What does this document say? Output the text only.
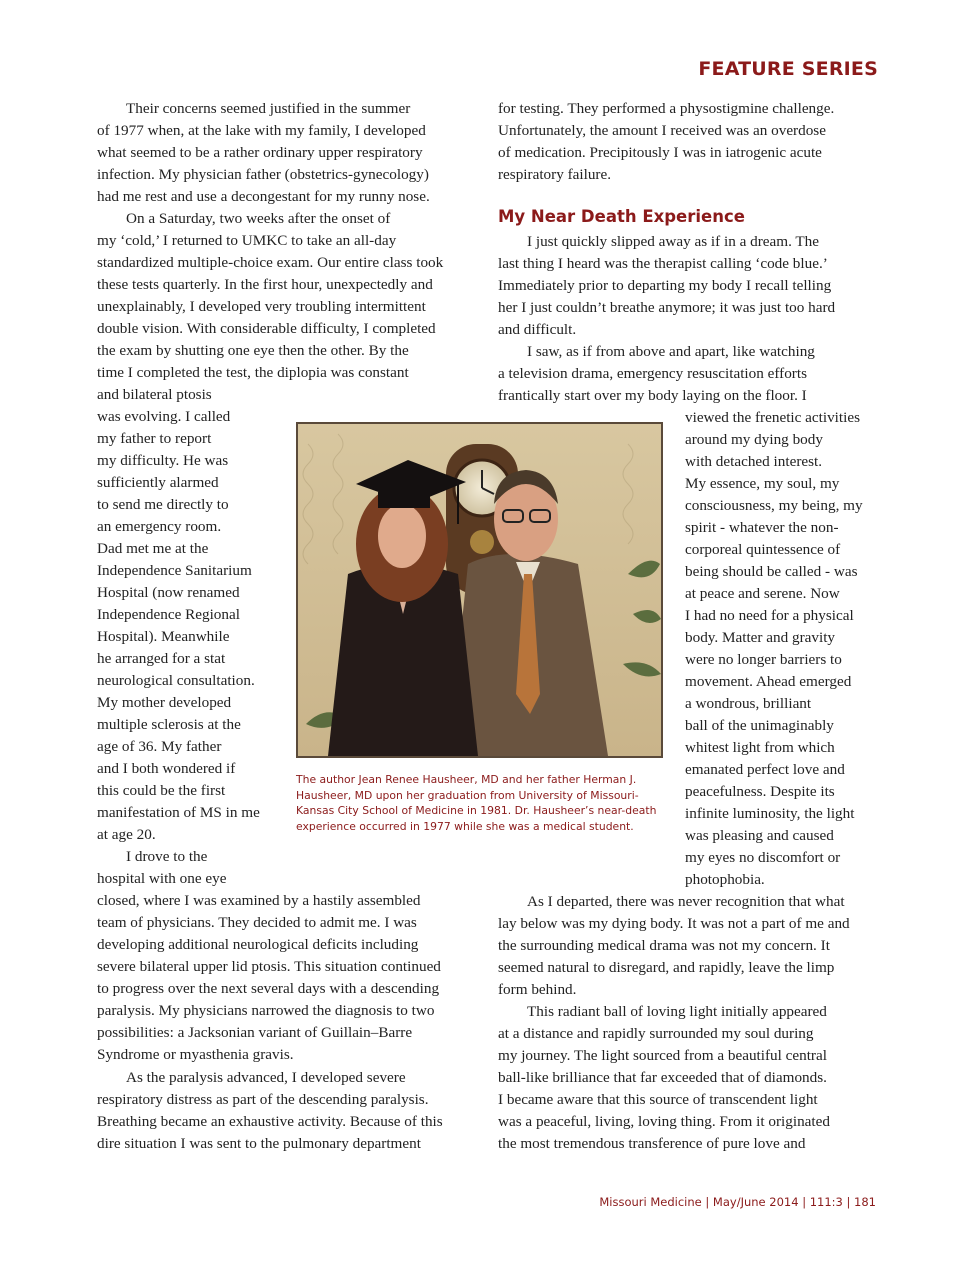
FEATURE SERIES
Their concerns seemed justified in the summer
of 1977 when, at the lake with my family, I developed
what seemed to be a rather ordinary upper respiratory
infection. My physician father (obstetrics-gynecology)
had me rest and use a decongestant for my runny nose.
On a Saturday, two weeks after the onset of
my ‘cold,’ I returned to UMKC to take an all-day
standardized multiple-choice exam. Our entire class took
these tests quarterly. In the first hour, unexpectedly and
unexplainably, I developed very troubling intermittent
double vision. With considerable difficulty, I completed
the exam by shutting one eye then the other. By the
time I completed the test, the diplopia was constant
and bilateral ptosis
was evolving. I called
my father to report
my difficulty. He was
sufficiently alarmed
to send me directly to
an emergency room.
Dad met me at the
Independence Sanitarium
Hospital (now renamed
Independence Regional
Hospital). Meanwhile
he arranged for a stat
neurological consultation.
My mother developed
multiple sclerosis at the
age of 36. My father
and I both wondered if
this could be the first
manifestation of MS in me
at age 20.
I drove to the
hospital with one eye
closed, where I was examined by a hastily assembled
team of physicians. They decided to admit me. I was
developing additional neurological deficits including
severe bilateral upper lid ptosis. This situation continued
to progress over the next several days with a descending
paralysis. My physicians narrowed the diagnosis to two
possibilities: a Jacksonian variant of Guillain–Barre
Syndrome or myasthenia gravis.
As the paralysis advanced, I developed severe
respiratory distress as part of the descending paralysis.
Breathing became an exhaustive activity. Because of this
dire situation I was sent to the pulmonary department
for testing. They performed a physostigmine challenge.
Unfortunately, the amount I received was an overdose
of medication. Precipitously I was in iatrogenic acute
respiratory failure.
My Near Death Experience
I just quickly slipped away as if in a dream. The
last thing I heard was the therapist calling ‘code blue.’
Immediately prior to departing my body I recall telling
her I just couldn’t breathe anymore; it was just too hard
and difficult.
I saw, as if from above and apart, like watching
a television drama, emergency resuscitation efforts
frantically start over my body laying on the floor. I
viewed the frenetic activities
around my dying body
with detached interest.
My essence, my soul, my
consciousness, my being, my
spirit - whatever the non-
corporeal quintessence of
being should be called - was
at peace and serene. Now
I had no need for a physical
body. Matter and gravity
were no longer barriers to
movement. Ahead emerged
a wondrous, brilliant
ball of the unimaginably
whitest light from which
emanated perfect love and
peacefulness. Despite its
infinite luminosity, the light
was pleasing and caused
my eyes no discomfort or
photophobia.
As I departed, there was never recognition that what
lay below was my dying body. It was not a part of me and
the surrounding medical drama was not my concern. It
seemed natural to disregard, and rapidly, leave the limp
form behind.
This radiant ball of loving light initially appeared
at a distance and rapidly surrounded my soul during
my journey. The light sourced from a beautiful central
ball-like brilliance that far exceeded that of diamonds.
I became aware that this source of transcendent light
was a peaceful, living, loving thing. From it originated
the most tremendous transference of pure love and
The author Jean Renee Hausheer, MD and her father Herman J.
Hausheer, MD upon her graduation from University of Missouri-
Kansas City School of Medicine in 1981. Dr. Hausheer’s near-death
experience occurred in 1977 while she was a medical student.
Missouri Medicine | May/June 2014 | 111:3 | 181
